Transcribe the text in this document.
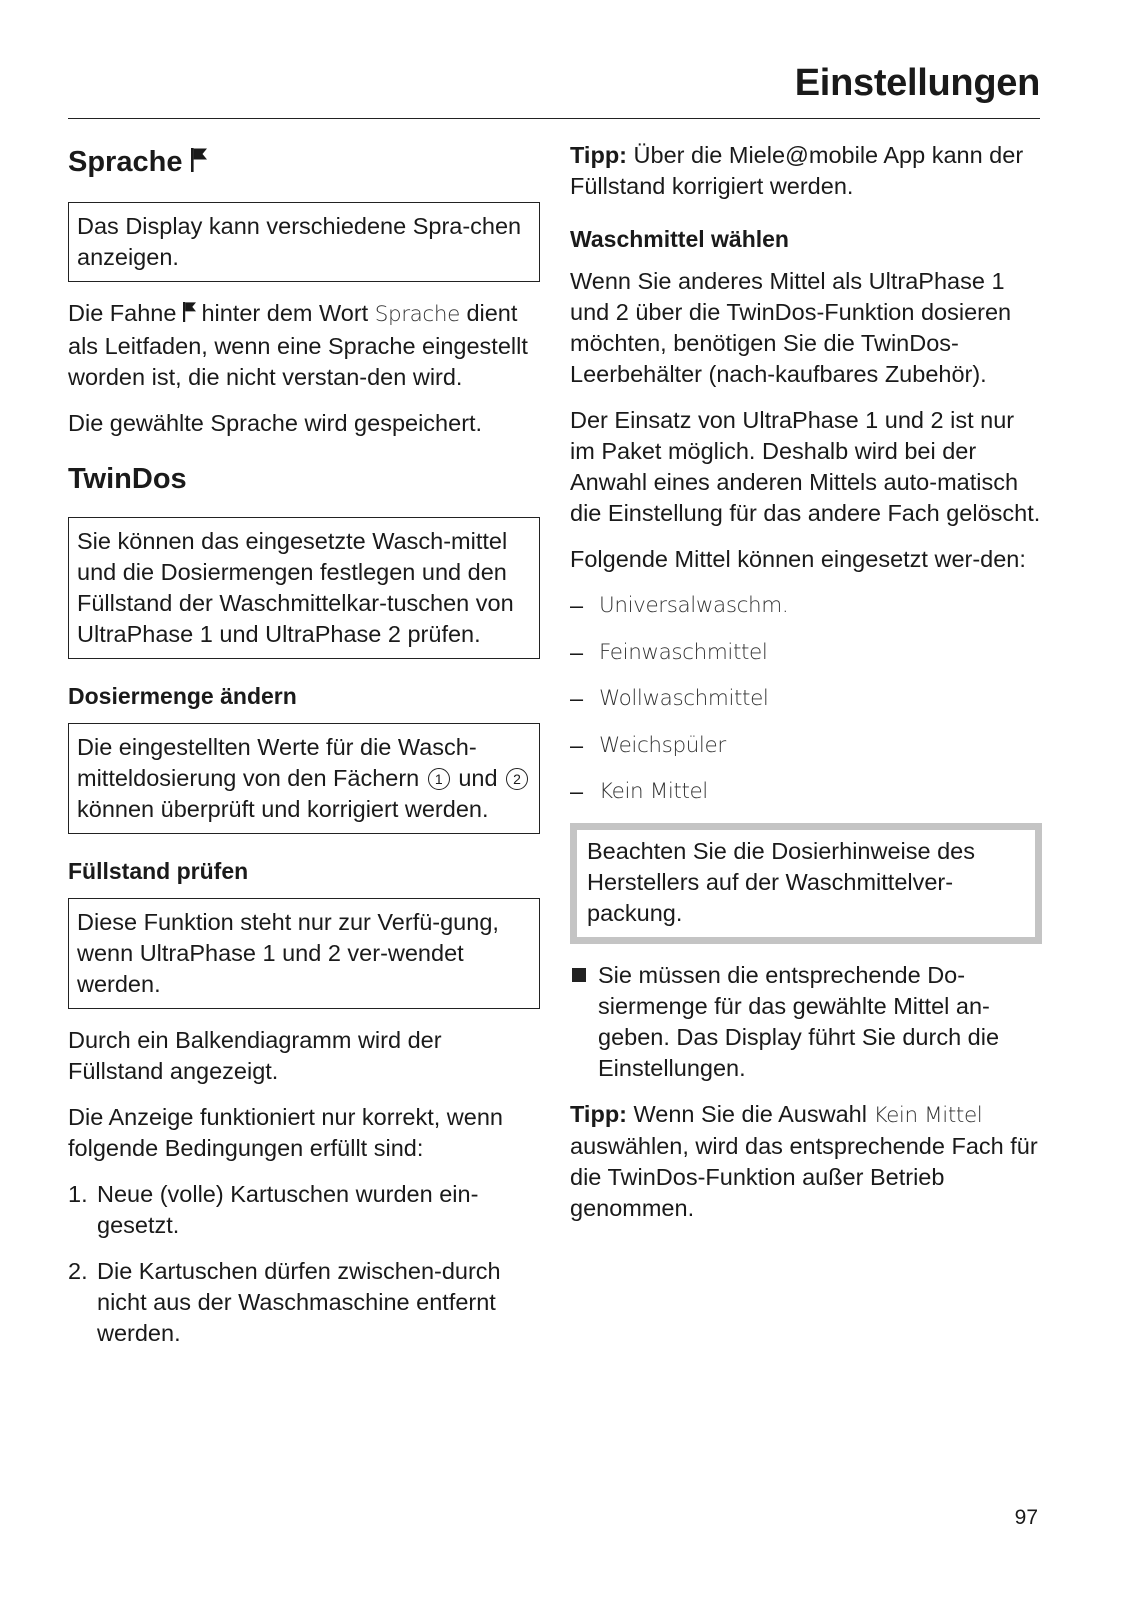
Einstellungen
Sprache
Das Display kann verschiedene Spra-chen anzeigen.

Die Fahne hinter dem Wort Sprache dient als Leitfaden, wenn eine Sprache eingestellt worden ist, die nicht verstan-den wird.

Die gewählte Sprache wird gespeichert.

TwinDos
Sie können das eingesetzte Wasch-mittel und die Dosiermengen festlegen und den Füllstand der Waschmittelkar-tuschen von UltraPhase 1 und UltraPhase 2 prüfen.
Dosiermenge ändern
Die eingestellten Werte für die Wasch-mitteldosierung von den Fächern 1 und 2 können überprüft und korrigiert werden.
Füllstand prüfen
Diese Funktion steht nur zur Verfü-gung, wenn UltraPhase 1 und 2 ver-wendet werden.

Durch ein Balkendiagramm wird der Füllstand angezeigt.

Die Anzeige funktioniert nur korrekt, wenn folgende Bedingungen erfüllt sind:

1. Neue (volle) Kartuschen wurden ein-gesetzt.
2. Die Kartuschen dürfen zwischen-durch nicht aus der Waschmaschine entfernt werden.

Tipp: Über die Miele@mobile App kann der Füllstand korrigiert werden.

Waschmittel wählen

Wenn Sie anderes Mittel als UltraPhase 1 und 2 über die TwinDos-Funktion dosieren möchten, benötigen Sie die TwinDos-Leerbehälter (nach-kaufbares Zubehör).

Der Einsatz von UltraPhase 1 und 2 ist nur im Paket möglich. Deshalb wird bei der Anwahl eines anderen Mittels auto-matisch die Einstellung für das andere Fach gelöscht.

Folgende Mittel können eingesetzt wer-den:

– Universalwaschm.
– Feinwaschmittel
– Wollwaschmittel
– Weichspüler
– Kein Mittel
Beachten Sie die Dosierhinweise des Herstellers auf der Waschmittelver-packung.
Sie müssen die entsprechende Do-siermenge für das gewählte Mittel an-geben. Das Display führt Sie durch die Einstellungen.

Tipp: Wenn Sie die Auswahl Kein Mittel auswählen, wird das entsprechende Fach für die TwinDos-Funktion außer Betrieb genommen.

97
